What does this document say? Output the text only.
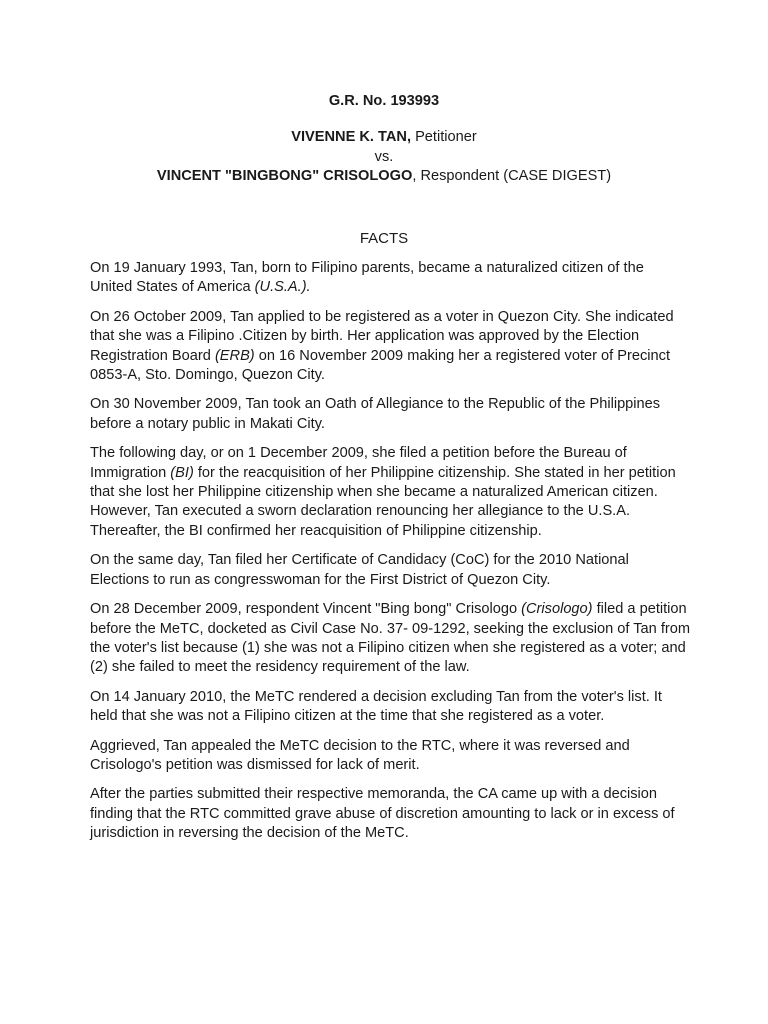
G.R. No. 193993

VIVENNE K. TAN, Petitioner
vs.
VINCENT "BINGBONG" CRISOLOGO, Respondent (CASE DIGEST)
FACTS

On 19 January 1993, Tan, born to Filipino parents, became a naturalized citizen of the United States of America (U.S.A.).

On 26 October 2009, Tan applied to be registered as a voter in Quezon City. She indicated that she was a Filipino .Citizen by birth. Her application was approved by the Election Registration Board (ERB) on 16 November 2009 making her a registered voter of Precinct 0853-A, Sto. Domingo, Quezon City.

On 30 November 2009, Tan took an Oath of Allegiance to the Republic of the Philippines before a notary public in Makati City.

The following day, or on 1 December 2009, she filed a petition before the Bureau of Immigration (BI) for the reacquisition of her Philippine citizenship. She stated in her petition that she lost her Philippine citizenship when she became a naturalized American citizen. However, Tan executed a sworn declaration renouncing her allegiance to the U.S.A. Thereafter, the BI confirmed her reacquisition of Philippine citizenship.

On the same day, Tan filed her Certificate of Candidacy (CoC) for the 2010 National Elections to run as congresswoman for the First District of Quezon City.

On 28 December 2009, respondent Vincent "Bing bong" Crisologo (Crisologo) filed a petition before the MeTC, docketed as Civil Case No. 37- 09-1292, seeking the exclusion of Tan from the voter's list because (1) she was not a Filipino citizen when she registered as a voter; and (2) she failed to meet the residency requirement of the law.

On 14 January 2010, the MeTC rendered a decision excluding Tan from the voter's list. It held that she was not a Filipino citizen at the time that she registered as a voter.

Aggrieved, Tan appealed the MeTC decision to the RTC, where it was reversed and Crisologo's petition was dismissed for lack of merit.

After the parties submitted their respective memoranda, the CA came up with a decision finding that the RTC committed grave abuse of discretion amounting to lack or in excess of jurisdiction in reversing the decision of the MeTC.
